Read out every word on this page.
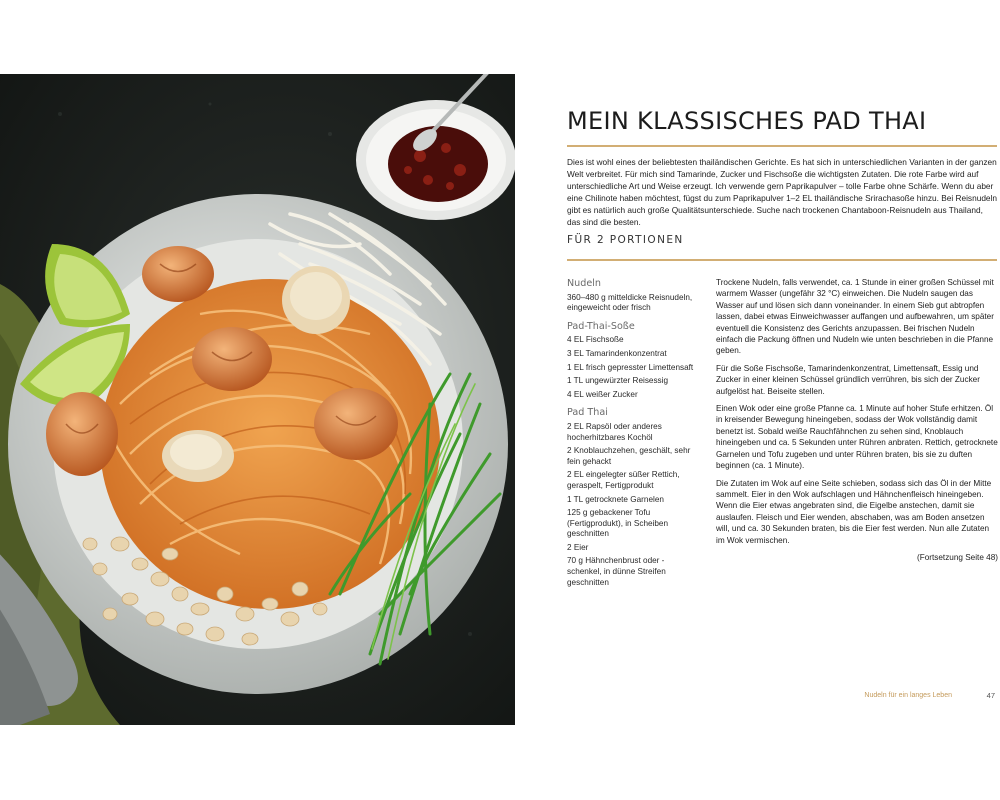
MEIN KLASSISCHES PAD THAI

Dies ist wohl eines der beliebtesten thailändischen Gerichte. Es hat sich in unterschiedlichen Varianten in der ganzen Welt verbreitet. Für mich sind Tamarinde, Zucker und Fischsoße die wichtigsten Zutaten. Die rote Farbe wird auf unterschiedliche Art und Weise erzeugt. Ich verwende gern Paprikapulver – tolle Farbe ohne Schärfe. Wenn du aber eine Chilinote haben möchtest, fügst du zum Paprikapulver 1–2 EL thailändische Srirachasoße hinzu. Bei Reisnudeln gibt es natürlich auch große Qualitätsunterschiede. Suche nach trockenen Chantaboon-Reisnudeln aus Thailand, das sind die besten.

FÜR 2 PORTIONEN
Nudeln
360–480 g mitteldicke Reisnudeln, eingeweicht oder frisch
Pad-Thai-Soße
4 EL Fischsoße
3 EL Tamarindenkonzentrat
1 EL frisch gepresster Limettensaft
1 TL ungewürzter Reisessig
4 EL weißer Zucker
Pad Thai
2 EL Rapsöl oder anderes hocherhitzbares Kochöl
2 Knoblauchzehen, geschält, sehr fein gehackt
2 EL eingelegter süßer Rettich, geraspelt, Fertigprodukt
1 TL getrocknete Garnelen
125 g gebackener Tofu (Fertigprodukt), in Scheiben geschnitten
2 Eier
70 g Hähnchenbrust oder -schenkel, in dünne Streifen geschnitten

Trockene Nudeln, falls verwendet, ca. 1 Stunde in einer großen Schüssel mit warmem Wasser (ungefähr 32 °C) einweichen. Die Nudeln saugen das Wasser auf und lösen sich dann voneinander. In einem Sieb gut abtropfen lassen, dabei etwas Einweichwasser auffangen und aufbewahren, um später eventuell die Konsistenz des Gerichts anzupassen. Bei frischen Nudeln einfach die Packung öffnen und Nudeln wie unten beschrieben in die Pfanne geben.

Für die Soße Fischsoße, Tamarindenkonzentrat, Limettensaft, Essig und Zucker in einer kleinen Schüssel gründlich verrühren, bis sich der Zucker aufgelöst hat. Beiseite stellen.

Einen Wok oder eine große Pfanne ca. 1 Minute auf hoher Stufe erhitzen. Öl in kreisender Bewegung hineingeben, sodass der Wok vollständig damit benetzt ist. Sobald weiße Rauchfähnchen zu sehen sind, Knoblauch hineingeben und ca. 5 Sekunden unter Rühren anbraten. Rettich, getrocknete Garnelen und Tofu zugeben und unter Rühren braten, bis sie zu duften beginnen (ca. 1 Minute).

Die Zutaten im Wok auf eine Seite schieben, sodass sich das Öl in der Mitte sammelt. Eier in den Wok aufschlagen und Hähnchenfleisch hineingeben. Wenn die Eier etwas angebraten sind, die Eigelbe anstechen, damit sie auslaufen. Fleisch und Eier wenden, abschaben, was am Boden ansetzen will, und ca. 30 Sekunden braten, bis die Eier fest werden. Nun alle Zutaten im Wok vermischen.

(Fortsetzung Seite 48)
Nudeln für ein langes Leben	47
